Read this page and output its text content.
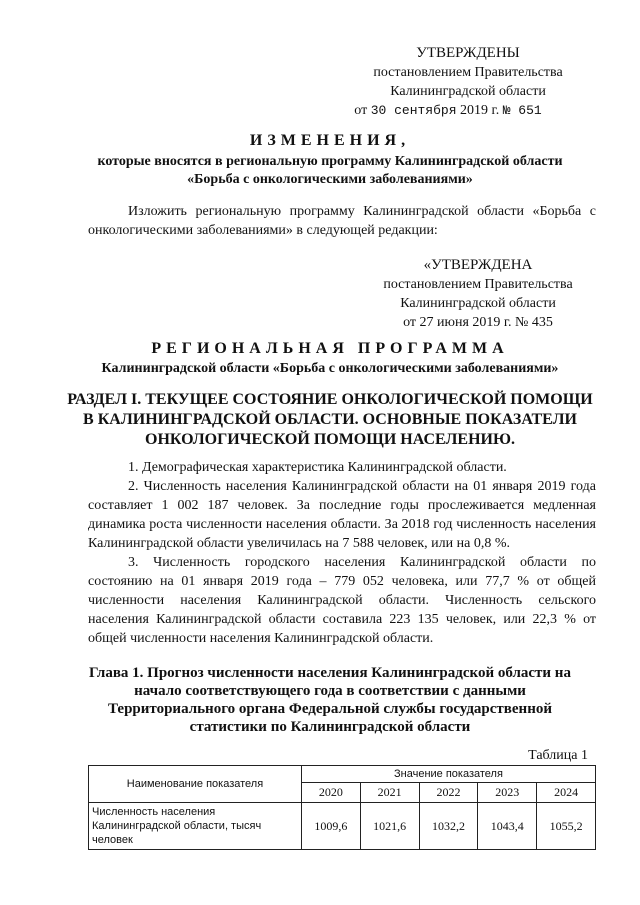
УТВЕРЖДЕНЫ
постановлением Правительства
Калининградской области
от 30 сентября 2019 г. № 651
ИЗМЕНЕНИЯ,
которые вносятся в региональную программу Калининградской области
«Борьба с онкологическими заболеваниями»

Изложить региональную программу Калининградской области «Борьба с онкологическими заболеваниями» в следующей редакции:

«УТВЕРЖДЕНА
постановлением Правительства
Калининградской области
от 27 июня 2019 г. № 435
РЕГИОНАЛЬНАЯ ПРОГРАММА
Калининградской области «Борьба с онкологическими заболеваниями»
РАЗДЕЛ I. ТЕКУЩЕЕ СОСТОЯНИЕ ОНКОЛОГИЧЕСКОЙ ПОМОЩИ
В КАЛИНИНГРАДСКОЙ ОБЛАСТИ. ОСНОВНЫЕ ПОКАЗАТЕЛИ
ОНКОЛОГИЧЕСКОЙ ПОМОЩИ НАСЕЛЕНИЮ.

1. Демографическая характеристика Калининградской области.

2. Численность населения Калининградской области на 01 января 2019 года составляет 1 002 187 человек. За последние годы прослеживается медленная динамика роста численности населения области. За 2018 год численность населения Калининградской области увеличилась на 7 588 человек, или на 0,8 %.

3. Численность городского населения Калининградской области по состоянию на 01 января 2019 года – 779 052 человека, или 77,7 % от общей численности населения Калининградской области. Численность сельского населения Калининградской области составила 223 135 человек, или 22,3 % от общей численности населения Калининградской области.

Глава 1. Прогноз численности населения Калининградской области на
начало соответствующего года в соответствии с данными
Территориального органа Федеральной службы государственной
статистики по Калининградской области
Таблица 1
Наименование показателя	Значение показателя				
	2020	2021	2022	2023	2024
Численность населения Калининградской области, тысяч человек	1009,6	1021,6	1032,2	1043,4	1055,2
